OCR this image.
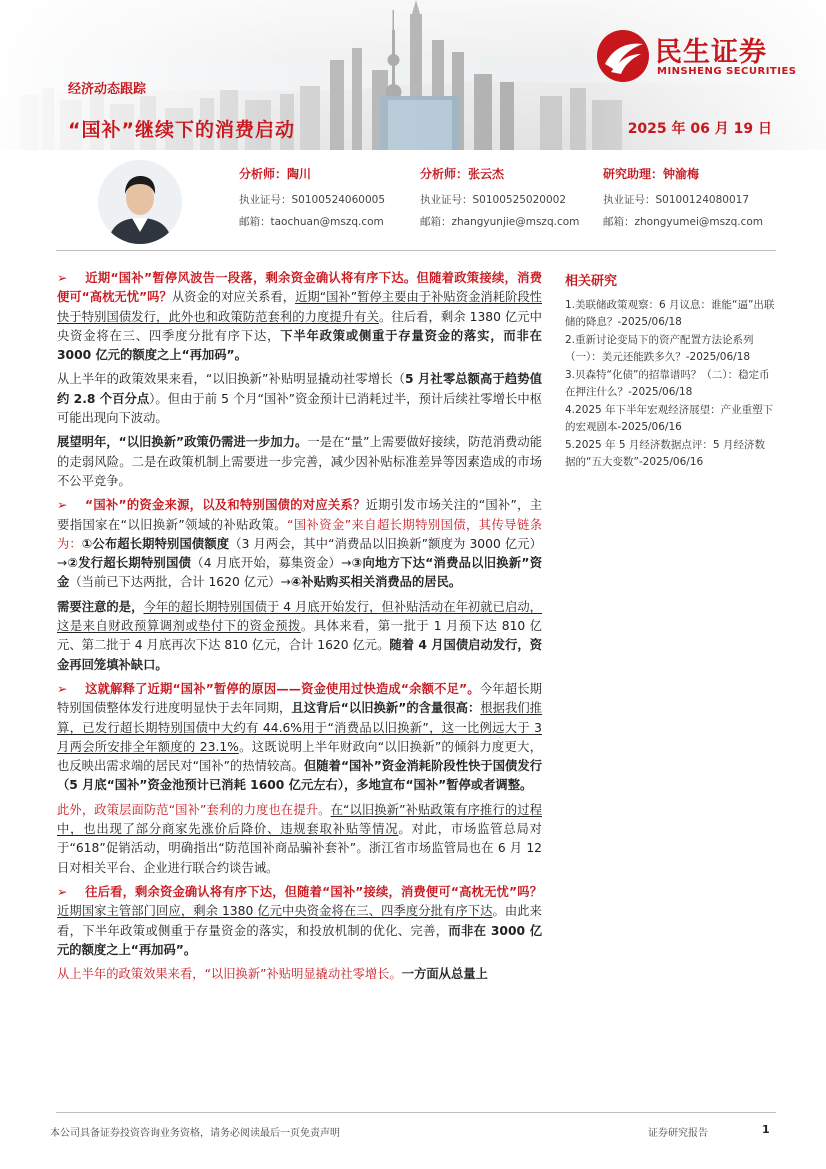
经济动态跟踪
“国补”继续下的消费启动	2025 年 06 月 19 日
民生证券
MINSHENG SECURITIES
分析师：陶川
执业证号：S0100524060005
邮箱：taochuan@mszq.com
分析师：张云杰
执业证号：S0100525020002
邮箱：zhangyunjie@mszq.com
研究助理：钟渝梅
执业证号：S0100124080017
邮箱：zhongyumei@mszq.com

➢ 近期“国补”暂停风波告一段落，剩余资金确认将有序下达。但随着政策接续，消费便可“高枕无忧”吗？从资金的对应关系看，近期“国补”暂停主要由于补贴资金消耗阶段性快于特别国债发行，此外也和政策防范套利的力度提升有关。往后看，剩余 1380 亿元中央资金将在三、四季度分批有序下达，下半年政策或侧重于存量资金的落实，而非在 3000 亿元的额度之上“再加码”。

从上半年的政策效果来看，“以旧换新”补贴明显撬动社零增长（5 月社零总额高于趋势值约 2.8 个百分点）。但由于前 5 个月“国补”资金预计已消耗过半，预计后续社零增长中枢可能出现向下波动。

展望明年，“以旧换新”政策仍需进一步加力。一是在“量”上需要做好接续，防范消费动能的走弱风险。二是在政策机制上需要进一步完善，减少因补贴标准差异等因素造成的市场不公平竞争。

➢ “国补”的资金来源，以及和特别国债的对应关系？近期引发市场关注的“国补”，主要指国家在“以旧换新”领域的补贴政策。“国补资金”来自超长期特别国债，其传导链条为：①公布超长期特别国债额度（3 月两会，其中“消费品以旧换新”额度为 3000 亿元）→②发行超长期特别国债（4 月底开始，募集资金）→③向地方下达“消费品以旧换新”资金（当前已下达两批，合计 1620 亿元）→④补贴购买相关消费品的居民。

需要注意的是，今年的超长期特别国债于 4 月底开始发行，但补贴活动在年初就已启动，这是来自财政预算调剂或垫付下的资金预拨。具体来看，第一批于 1 月预下达 810 亿元、第二批于 4 月底再次下达 810 亿元，合计 1620 亿元。随着 4 月国债启动发行，资金再回笼填补缺口。

➢ 这就解释了近期“国补”暂停的原因——资金使用过快造成“余额不足”。今年超长期特别国债整体发行进度明显快于去年同期，且这背后“以旧换新”的含量很高：根据我们推算，已发行超长期特别国债中大约有 44.6%用于“消费品以旧换新”，这一比例远大于 3 月两会所安排全年额度的 23.1%。这既说明上半年财政向“以旧换新”的倾斜力度更大，也反映出需求端的居民对“国补”的热情较高。但随着“国补”资金消耗阶段性快于国债发行（5 月底“国补”资金池预计已消耗 1600 亿元左右），多地宣布“国补”暂停或者调整。

此外，政策层面防范“国补”套利的力度也在提升。在“以旧换新”补贴政策有序推行的过程中，也出现了部分商家先涨价后降价、违规套取补贴等情况。对此，市场监管总局对于“618”促销活动，明确指出“防范国补商品骗补套补”。浙江省市场监管局也在 6 月 12 日对相关平台、企业进行联合约谈告诫。

➢ 往后看，剩余资金确认将有序下达，但随着“国补”接续，消费便可“高枕无忧”吗？近期国家主管部门回应，剩余 1380 亿元中央资金将在三、四季度分批有序下达。由此来看，下半年政策或侧重于存量资金的落实，和投放机制的优化、完善，而非在 3000 亿元的额度之上“再加码”。

从上半年的政策效果来看，“以旧换新”补贴明显撬动社零增长。一方面从总量上

相关研究
1.美联储政策观察：6 月议息：谁能“逼”出联储的降息？-2025/06/18
2.重新讨论变局下的资产配置方法论系列（一）：美元还能跌多久？-2025/06/18
3.贝森特“化债”的招靠谱吗？（二）：稳定币在押注什么？-2025/06/18
4.2025 年下半年宏观经济展望：产业重塑下的宏观剧本-2025/06/16
5.2025 年 5 月经济数据点评：5 月经济数据的“五大变数”-2025/06/16
本公司具备证券投资咨询业务资格，请务必阅读最后一页免责声明	证券研究报告	1
